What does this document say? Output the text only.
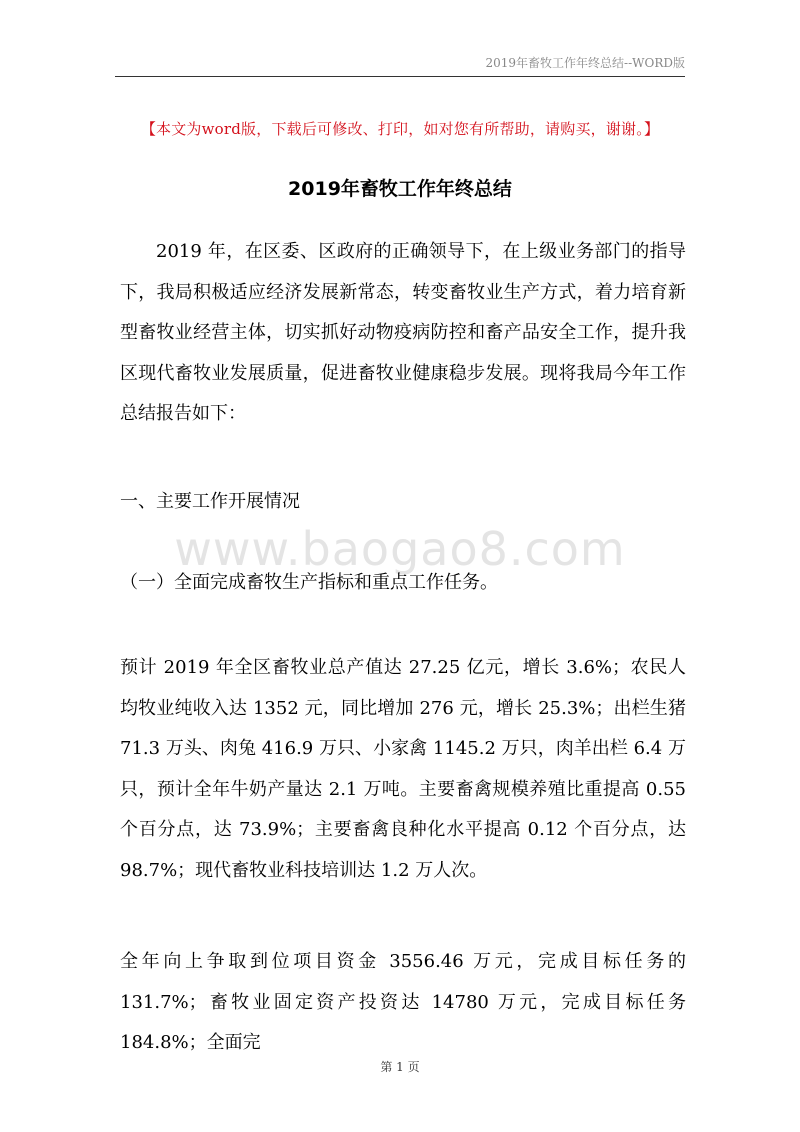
2019年畜牧工作年终总结--WORD版
【本文为word版，下载后可修改、打印，如对您有所帮助，请购买，谢谢。】
2019年畜牧工作年终总结

2019 年，在区委、区政府的正确领导下，在上级业务部门的指导下，我局积极适应经济发展新常态，转变畜牧业生产方式，着力培育新型畜牧业经营主体，切实抓好动物疫病防控和畜产品安全工作，提升我区现代畜牧业发展质量，促进畜牧业健康稳步发展。现将我局今年工作总结报告如下：

一、主要工作开展情况

www.baogao8.com

（一）全面完成畜牧生产指标和重点工作任务。

预计 2019 年全区畜牧业总产值达 27.25 亿元，增长 3.6%；农民人均牧业纯收入达 1352 元，同比增加 276 元，增长 25.3%；出栏生猪 71.3 万头、肉兔 416.9 万只、小家禽 1145.2 万只，肉羊出栏 6.4 万只，预计全年牛奶产量达 2.1 万吨。主要畜禽规模养殖比重提高 0.55 个百分点，达 73.9%；主要畜禽良种化水平提高 0.12 个百分点，达 98.7%；现代畜牧业科技培训达 1.2 万人次。

全年向上争取到位项目资金 3556.46 万元，完成目标任务的 131.7%；畜牧业固定资产投资达 14780 万元，完成目标任务 184.8%；全面完

第 1 页
